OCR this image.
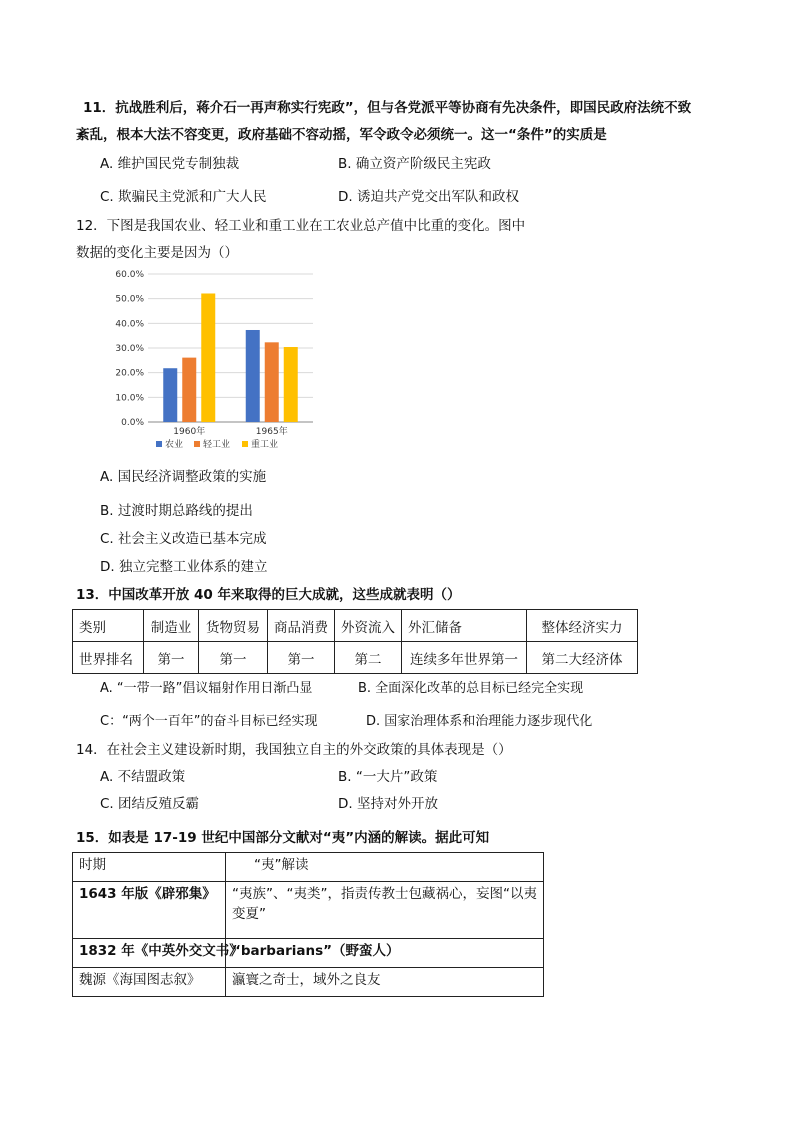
11．抗战胜利后，蒋介石一再声称实行宪政”，但与各党派平等协商有先决条件，即国民政府法统不致
紊乱，根本大法不容变更，政府基础不容动摇，军令政令必须统一。这一“条件”的实质是
A. 维护国民党专制独裁	B. 确立资产阶级民主宪政
C. 欺骗民主党派和广大人民	D. 诱迫共产党交出军队和政权
12．下图是我国农业、轻工业和重工业在工农业总产值中比重的变化。图中
数据的变化主要是因为（）
0.0%
10.0%
20.0%
30.0%
40.0%
50.0%
60.0%
1960年	1965年
农业 轻工业 重工业
A. 国民经济调整政策的实施
B. 过渡时期总路线的提出
C. 社会主义改造已基本完成
D. 独立完整工业体系的建立
13．中国改革开放 40 年来取得的巨大成就，这些成就表明（）
类别	制造业	货物贸易	商品消费	外资流入	外汇储备	整体经济实力
世界排名	第一	第一	第一	第二	连续多年世界第一	第二大经济体
A. “一带一路”倡议辐射作用日渐凸显	B. 全面深化改革的总目标已经完全实现
C：“两个一百年”的奋斗目标已经实现	D. 国家治理体系和治理能力逐步现代化
14．在社会主义建设新时期，我国独立自主的外交政策的具体表现是（）
A. 不结盟政策	B. “一大片”政策
C. 团结反殖反霸	D. 坚持对外开放
15．如表是 17-19 世纪中国部分文献对“夷”内涵的解读。据此可知
时期	“夷”解读
1643 年版《辟邪集》	“夷族”、“夷类”，指责传教士包藏祸心，妄图“以夷变夏”
1832 年《中英外交文书》	“barbarians”（野蛮人）
魏源《海国图志叙》	瀛寰之奇士，域外之良友
